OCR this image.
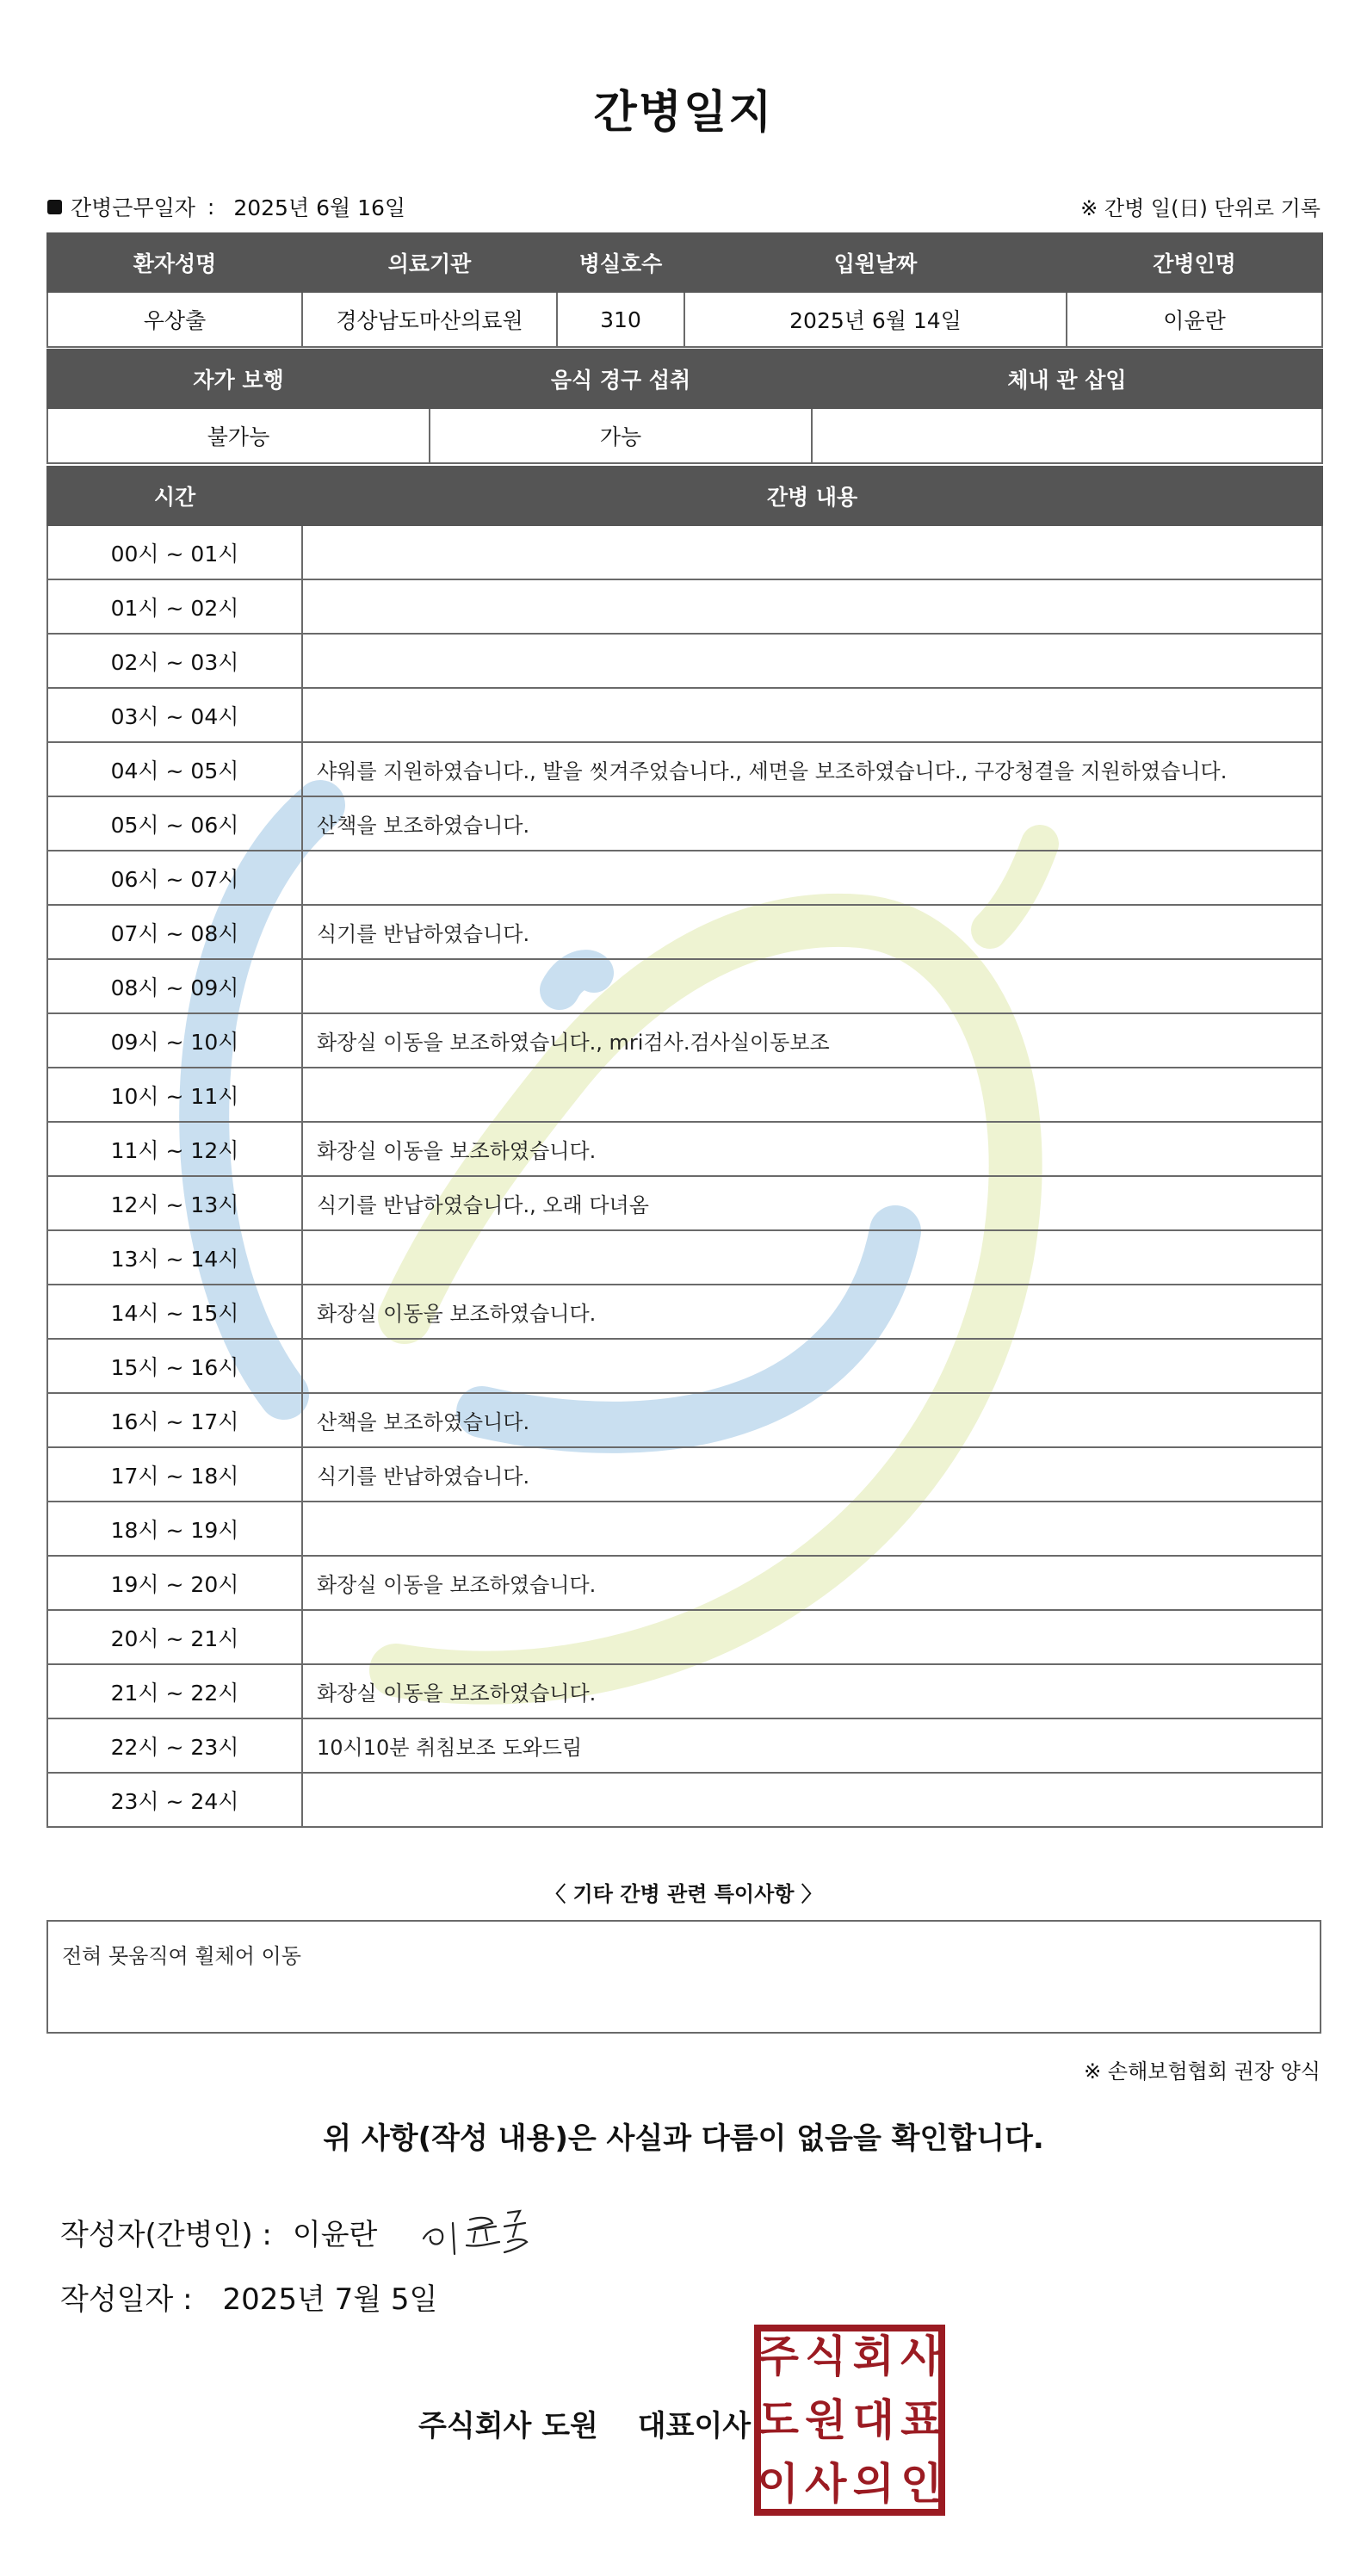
간병일지
간병근무일자 : 2025년 6월 16일	※ 간병 일(日) 단위로 기록
환자성명	의료기관	병실호수	입원날짜	간병인명
우상출	경상남도마산의료원	310	2025년 6월 14일	이윤란
자가 보행	음식 경구 섭취	체내 관 삽입
불가능	가능	
시간	간병 내용
00시 ~ 01시	
01시 ~ 02시	
02시 ~ 03시	
03시 ~ 04시	
04시 ~ 05시	샤워를 지원하였습니다., 발을 씻겨주었습니다., 세면을 보조하였습니다., 구강청결을 지원하였습니다.
05시 ~ 06시	산책을 보조하였습니다.
06시 ~ 07시	
07시 ~ 08시	식기를 반납하였습니다.
08시 ~ 09시	
09시 ~ 10시	화장실 이동을 보조하였습니다., mri검사.검사실이동보조
10시 ~ 11시	
11시 ~ 12시	화장실 이동을 보조하였습니다.
12시 ~ 13시	식기를 반납하였습니다., 오래 다녀옴
13시 ~ 14시	
14시 ~ 15시	화장실 이동을 보조하였습니다.
15시 ~ 16시	
16시 ~ 17시	산책을 보조하였습니다.
17시 ~ 18시	식기를 반납하였습니다.
18시 ~ 19시	
19시 ~ 20시	화장실 이동을 보조하였습니다.
20시 ~ 21시	
21시 ~ 22시	화장실 이동을 보조하였습니다.
22시 ~ 23시	10시10분 취침보조 도와드림
23시 ~ 24시	
〈 기타 간병 관련 특이사항 〉
전혀 못움직여 휠체어 이동
※ 손해보험협회 권장 양식
위 사항(작성 내용)은 사실과 다름이 없음을 확인합니다.
작성자(간병인) : 이윤란
작성일자 : 2025년 7월 5일
주식회사 도원 대표이사
주 식 회 사
도 원 대 표
이 사 의 인
